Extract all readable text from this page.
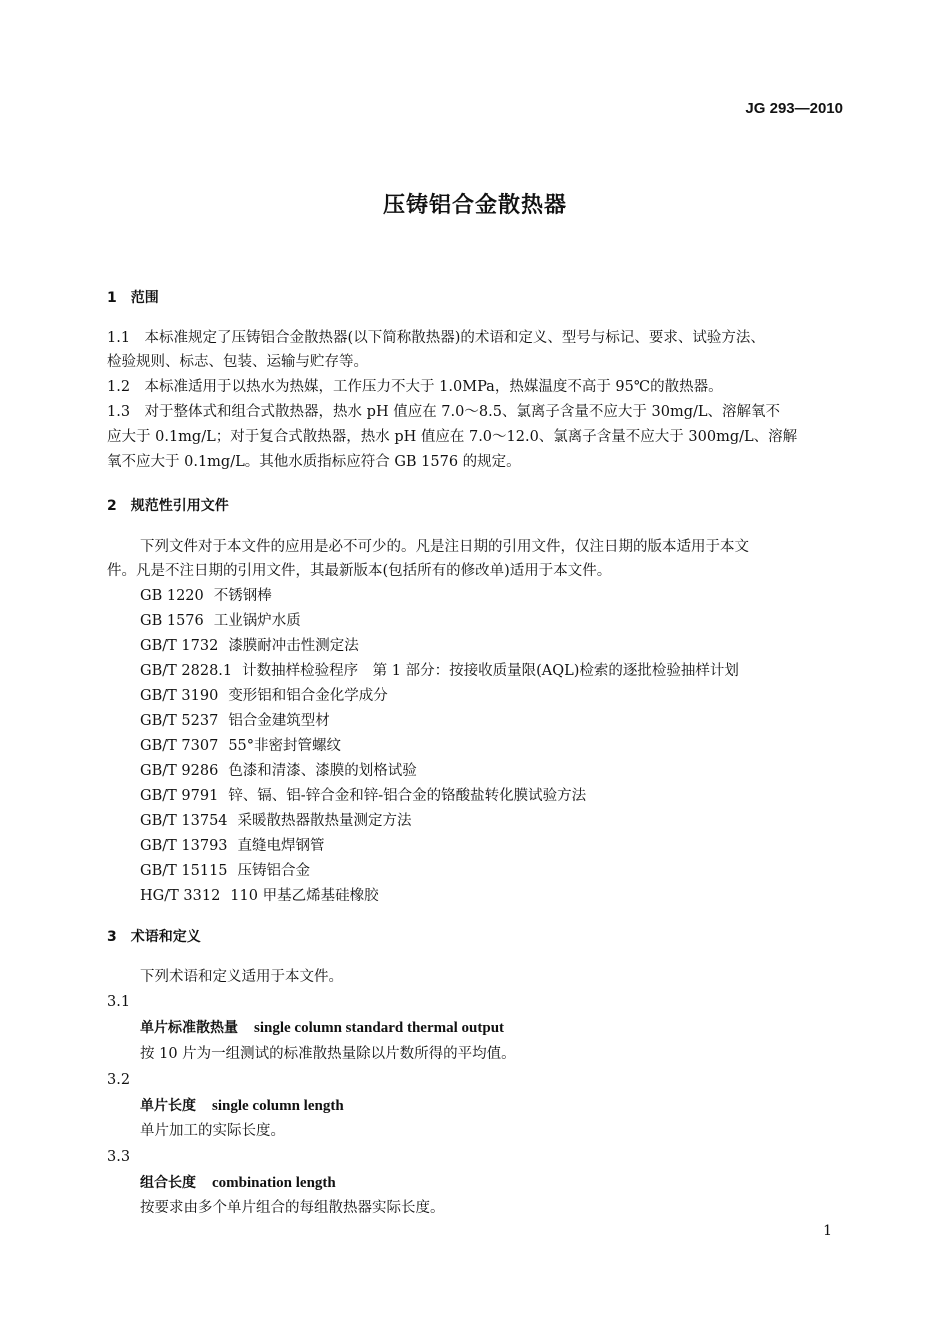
JG 293—2010
压铸铝合金散热器
1　范围
1.1　本标准规定了压铸铝合金散热器(以下简称散热器)的术语和定义、型号与标记、要求、试验方法、
检验规则、标志、包装、运输与贮存等。
1.2　本标准适用于以热水为热媒，工作压力不大于 1.0MPa，热媒温度不高于 95℃的散热器。
1.3　对于整体式和组合式散热器，热水 pH 值应在 7.0～8.5、氯离子含量不应大于 30mg/L、溶解氧不
应大于 0.1mg/L；对于复合式散热器，热水 pH 值应在 7.0～12.0、氯离子含量不应大于 300mg/L、溶解
氧不应大于 0.1mg/L。其他水质指标应符合 GB 1576 的规定。
2　规范性引用文件
下列文件对于本文件的应用是必不可少的。凡是注日期的引用文件，仅注日期的版本适用于本文
件。凡是不注日期的引用文件，其最新版本(包括所有的修改单)适用于本文件。
GB 1220 不锈钢棒
GB 1576 工业锅炉水质
GB/T 1732 漆膜耐冲击性测定法
GB/T 2828.1 计数抽样检验程序　第 1 部分：按接收质量限(AQL)检索的逐批检验抽样计划
GB/T 3190 变形铝和铝合金化学成分
GB/T 5237 铝合金建筑型材
GB/T 7307 55°非密封管螺纹
GB/T 9286 色漆和清漆、漆膜的划格试验
GB/T 9791 锌、镉、铝-锌合金和锌-铝合金的铬酸盐转化膜试验方法
GB/T 13754 采暖散热器散热量测定方法
GB/T 13793 直缝电焊钢管
GB/T 15115 压铸铝合金
HG/T 3312 110 甲基乙烯基硅橡胶
3　术语和定义
下列术语和定义适用于本文件。
3.1
单片标准散热量 single column standard thermal output
按 10 片为一组测试的标准散热量除以片数所得的平均值。
3.2
单片长度 single column length
单片加工的实际长度。
3.3
组合长度 combination length
按要求由多个单片组合的每组散热器实际长度。
1
